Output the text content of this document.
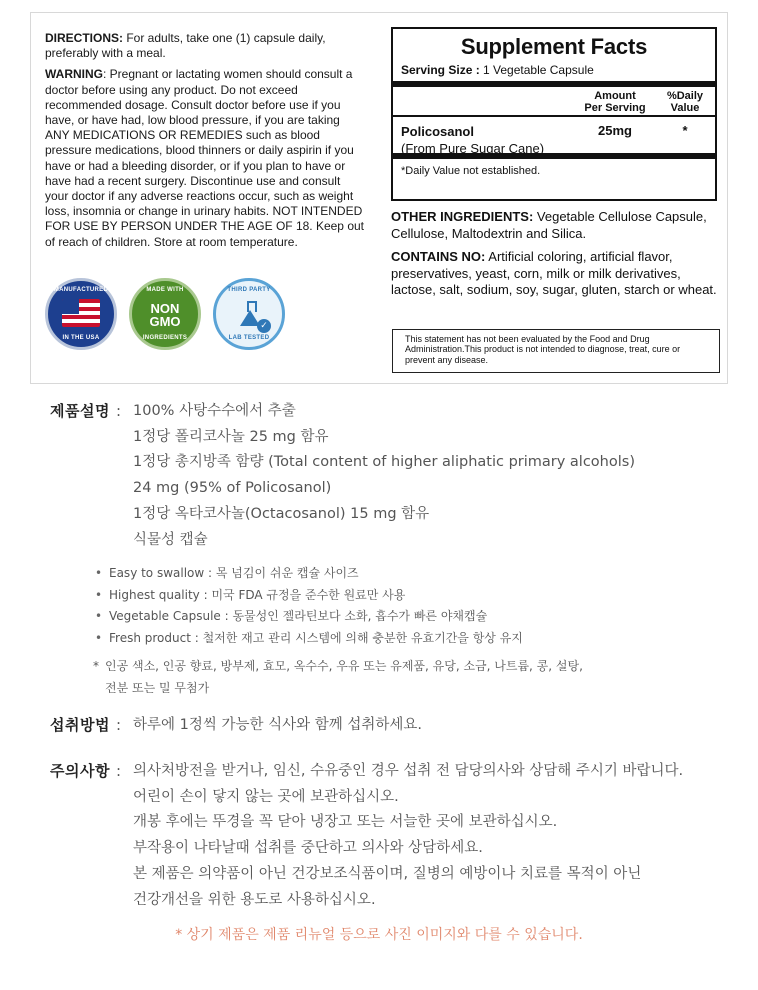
DIRECTIONS: For adults, take one (1) capsule daily, preferably with a meal.

WARNING: Pregnant or lactating women should consult a doctor before using any product. Do not exceed recommended dosage. Consult doctor before use if you have, or have had, low blood pressure, if you are taking ANY MEDICATIONS OR REMEDIES such as blood pressure medications, blood thinners or daily aspirin if you have or had a bleeding disorder, or if you plan to have or have had a recent surgery. Discontinue use and consult your doctor if any adverse reactions occur, such as weight loss, insomnia or change in urinary habits. NOT INTENDED FOR USE BY PERSON UNDER THE AGE OF 18. Keep out of reach of children. Store at room temperature.

MANUFACTURED
IN THE USA
MADE WITH
NON
GMO
INGREDIENTS
THIRD PARTY
✓
LAB TESTED
Supplement Facts
Serving Size : 1 Vegetable Capsule
Amount
Per Serving
%Daily
Value
Policosanol
(From Pure Sugar Cane)
25mg	*
*Daily Value not established.

OTHER INGREDIENTS: Vegetable Cellulose Capsule, Cellulose, Maltodextrin and Silica.

CONTAINS NO: Artificial coloring, artificial flavor, preservatives, yeast, corn, milk or milk derivatives, lactose, salt, sodium, soy, sugar, gluten, starch or wheat.

This statement has not been evaluated by the Food and Drug Administration.This product is not intended to diagnose, treat, cure or prevent any disease.
제품설명 : 100% 사탕수수에서 추출
1정당 폴리코사놀 25 mg 함유
1정당 총지방족 함량 (Total content of higher aliphatic primary alcohols)
24 mg (95% of Policosanol)
1정당 옥타코사놀(Octacosanol) 15 mg 함유
식물성 캡슐
• Easy to swallow : 목 넘김이 쉬운 캡슐 사이즈
• Highest quality : 미국 FDA 규정을 준수한 원료만 사용
• Vegetable Capsule : 동물성인 젤라틴보다 소화, 흡수가 빠른 야채캡슐
• Fresh product : 철저한 재고 관리 시스템에 의해 충분한 유효기간을 항상 유지
* 인공 색소, 인공 향료, 방부제, 효모, 옥수수, 우유 또는 유제품, 유당, 소금, 나트륨, 콩, 설탕,
전분 또는 밀 무첨가
섭취방법 : 하루에 1정씩 가능한 식사와 함께 섭취하세요.
주의사항 : 의사처방전을 받거나, 임신, 수유중인 경우 섭취 전 담당의사와 상담해 주시기 바랍니다.
어린이 손이 닿지 않는 곳에 보관하십시오.
개봉 후에는 뚜경을 꼭 닫아 냉장고 또는 서늘한 곳에 보관하십시오.
부작용이 나타날때 섭취를 중단하고 의사와 상담하세요.
본 제품은 의약품이 아닌 건강보조식품이며, 질병의 예방이나 치료를 목적이 아닌
건강개선을 위한 용도로 사용하십시오.
* 상기 제품은 제품 리뉴얼 등으로 사진 이미지와 다를 수 있습니다.
